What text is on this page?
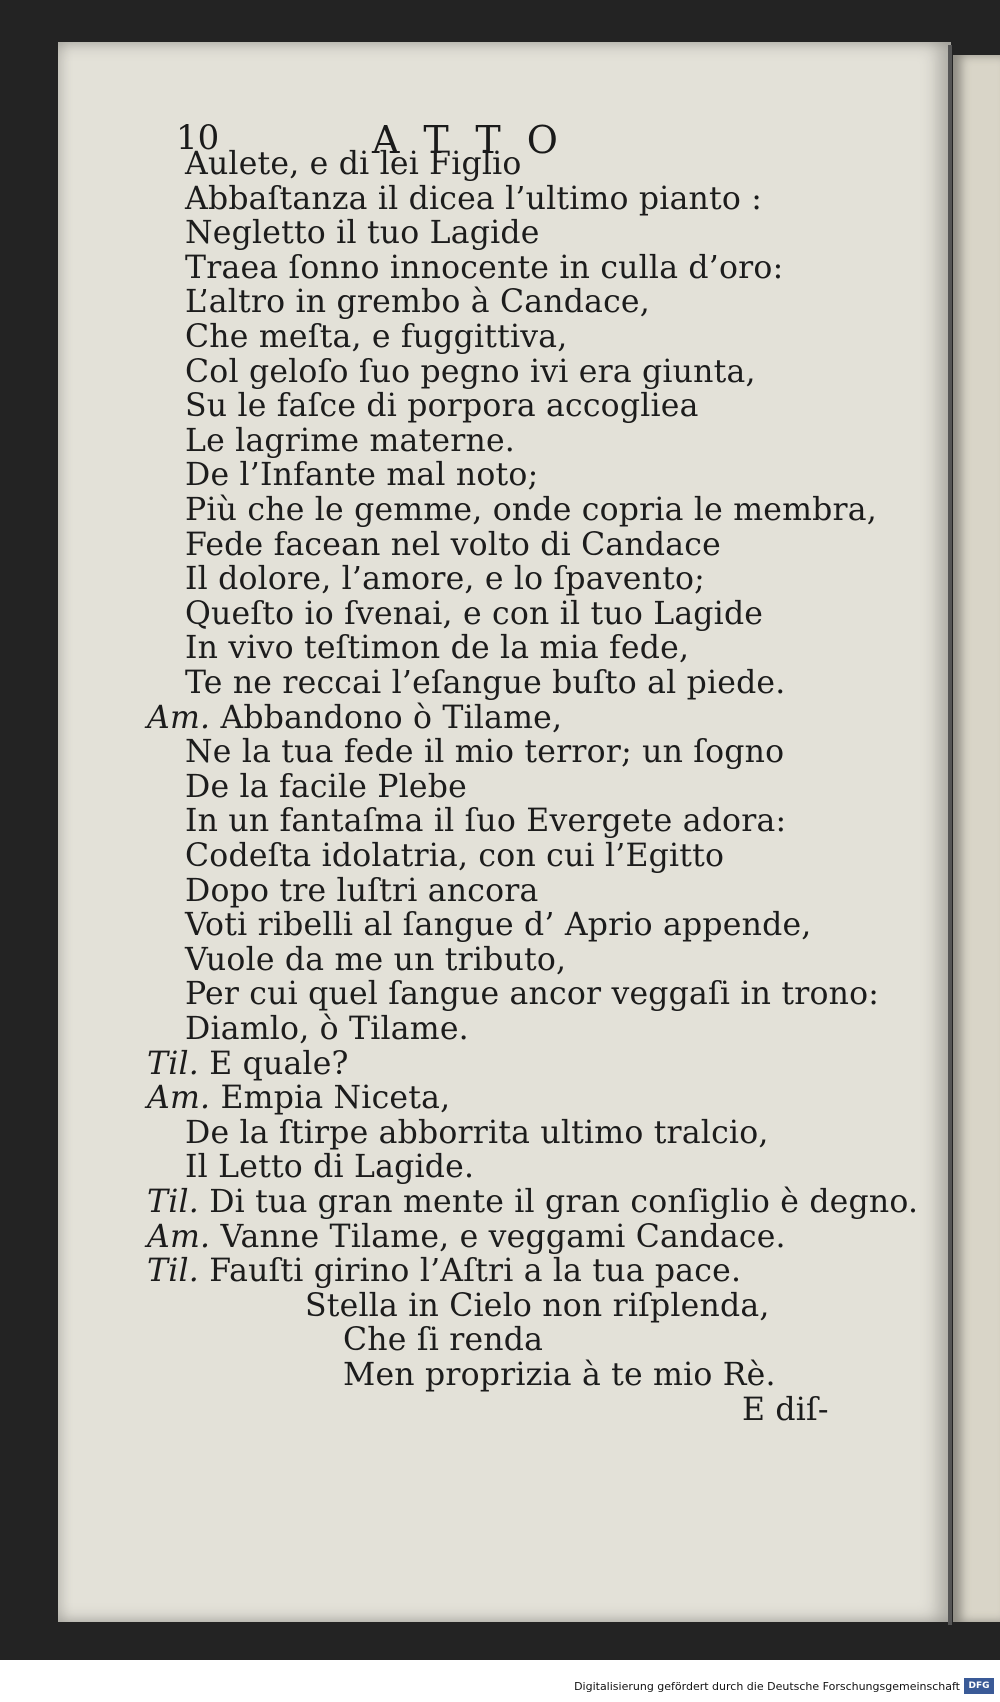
10	ATTO
Aulete, e di lei Figlio
Abbaſtanza il dicea l’ultimo pianto :
Negletto il tuo Lagide
Traea ſonno innocente in culla d’oro:
L’altro in grembo à Candace,
Che meſta, e fuggittiva,
Col geloſo ſuo pegno ivi era giunta,
Su le faſce di porpora accogliea
Le lagrime materne.
De l’Infante mal noto;
Più che le gemme, onde copria le membra,
Fede facean nel volto di Candace
Il dolore, l’amore, e lo ſpavento;
Queſto io ſvenai, e con il tuo Lagide
In vivo teſtimon de la mia fede,
Te ne reccai l’eſangue buſto al piede.
Am. Abbandono ò Tilame,
Ne la tua fede il mio terror; un ſogno
De la facile Plebe
In un fantaſma il ſuo Evergete adora:
Codeſta idolatria, con cui l’Egitto
Dopo tre luſtri ancora
Voti ribelli al ſangue d’ Aprio appende,
Vuole da me un tributo,
Per cui quel ſangue ancor veggaſi in trono:
Diamlo, ò Tilame.
Til. E quale?
Am. Empia Niceta,
De la ſtirpe abborrita ultimo tralcio,
Il Letto di Lagide.
Til. Di tua gran mente il gran conſiglio è degno.
Am. Vanne Tilame, e veggami Candace.
Til. Fauſti girino l’Aſtri a la tua pace.
Stella in Cielo non riſplenda,
Che ſi renda
Men proprizia à te mio Rè.
E diſ-
Digitalisierung gefördert durch die Deutsche Forschungsgemeinschaft DFG
